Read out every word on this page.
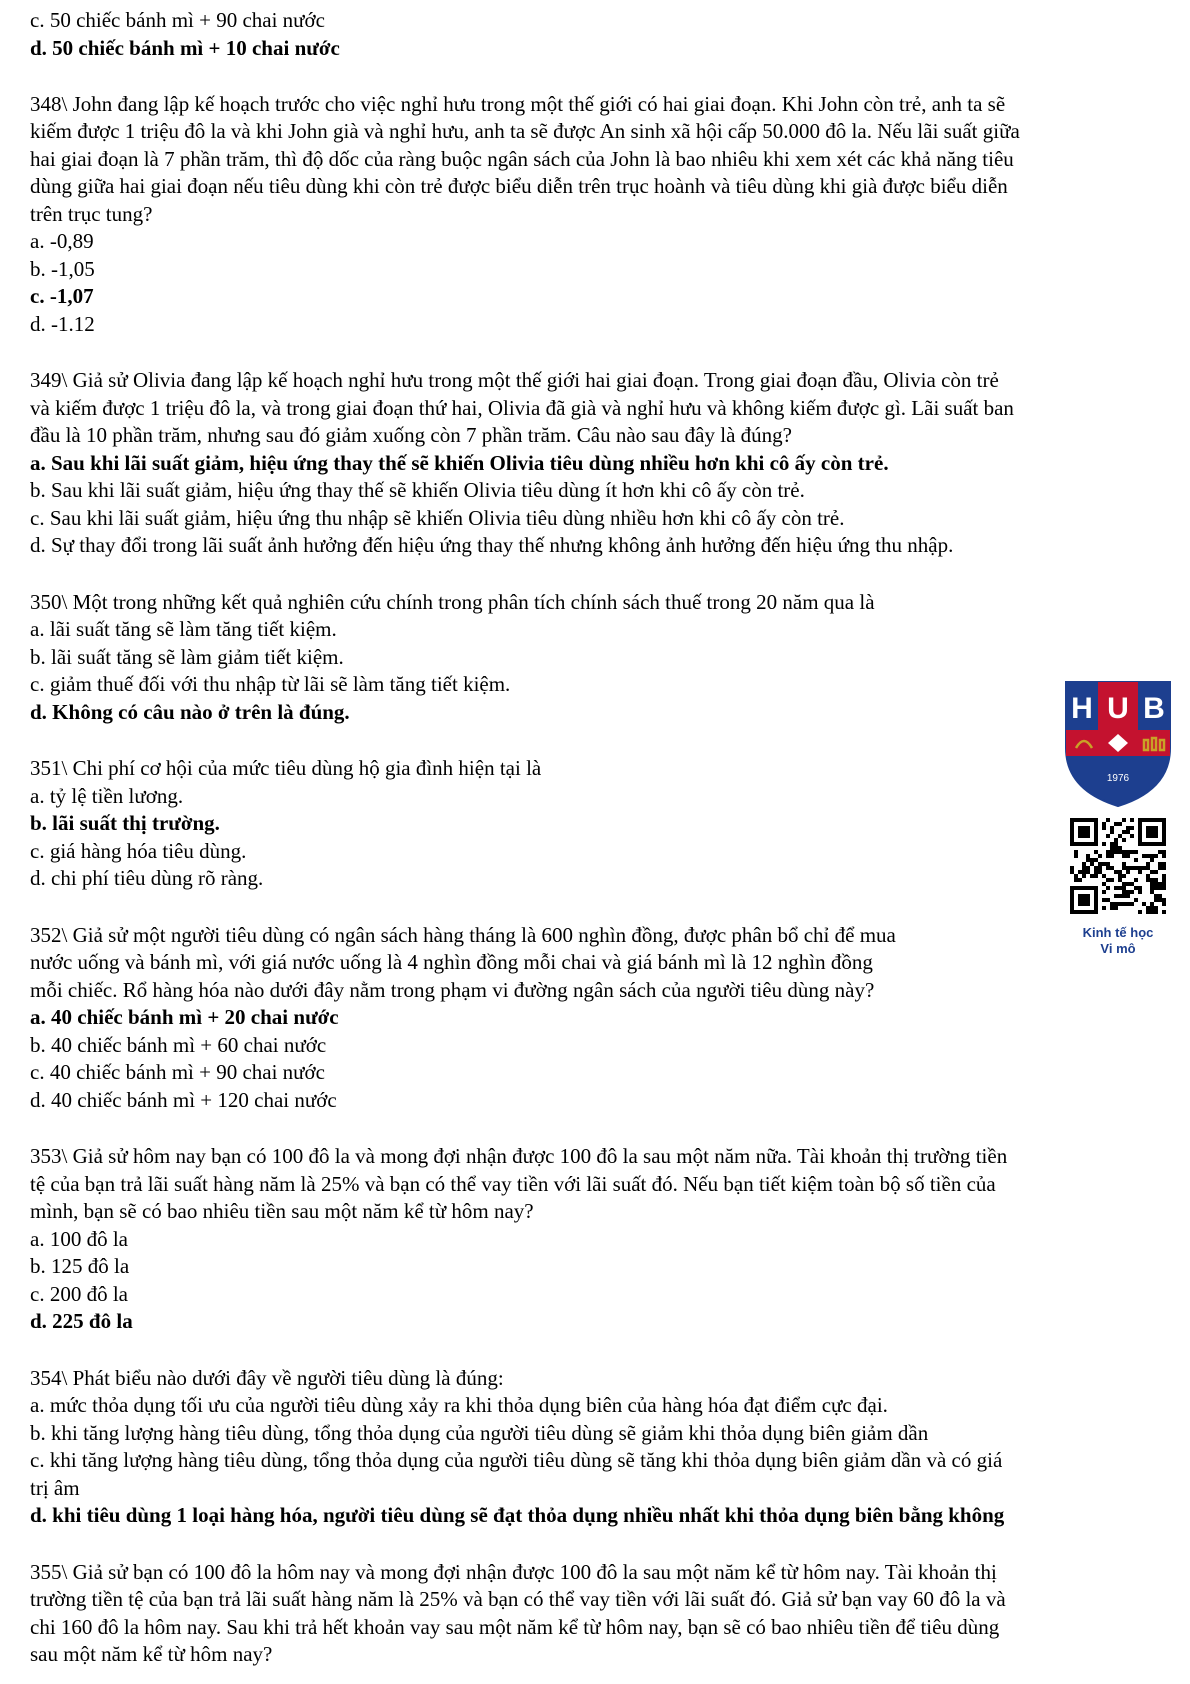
c. 50 chiếc bánh mì + 90 chai nước
d. 50 chiếc bánh mì + 10 chai nước
348\ John đang lập kế hoạch trước cho việc nghỉ hưu trong một thế giới có hai giai đoạn. Khi John còn trẻ, anh ta sẽ
kiếm được 1 triệu đô la và khi John già và nghỉ hưu, anh ta sẽ được An sinh xã hội cấp 50.000 đô la. Nếu lãi suất giữa
hai giai đoạn là 7 phần trăm, thì độ dốc của ràng buộc ngân sách của John là bao nhiêu khi xem xét các khả năng tiêu
dùng giữa hai giai đoạn nếu tiêu dùng khi còn trẻ được biểu diễn trên trục hoành và tiêu dùng khi già được biểu diễn
trên trục tung?
a. -0,89
b. -1,05
c. -1,07
d. -1.12
349\ Giả sử Olivia đang lập kế hoạch nghỉ hưu trong một thế giới hai giai đoạn. Trong giai đoạn đầu, Olivia còn trẻ
và kiếm được 1 triệu đô la, và trong giai đoạn thứ hai, Olivia đã già và nghỉ hưu và không kiếm được gì. Lãi suất ban
đầu là 10 phần trăm, nhưng sau đó giảm xuống còn 7 phần trăm. Câu nào sau đây là đúng?
a. Sau khi lãi suất giảm, hiệu ứng thay thế sẽ khiến Olivia tiêu dùng nhiều hơn khi cô ấy còn trẻ.
b. Sau khi lãi suất giảm, hiệu ứng thay thế sẽ khiến Olivia tiêu dùng ít hơn khi cô ấy còn trẻ.
c. Sau khi lãi suất giảm, hiệu ứng thu nhập sẽ khiến Olivia tiêu dùng nhiều hơn khi cô ấy còn trẻ.
d. Sự thay đổi trong lãi suất ảnh hưởng đến hiệu ứng thay thế nhưng không ảnh hưởng đến hiệu ứng thu nhập.
350\ Một trong những kết quả nghiên cứu chính trong phân tích chính sách thuế trong 20 năm qua là
a. lãi suất tăng sẽ làm tăng tiết kiệm.
b. lãi suất tăng sẽ làm giảm tiết kiệm.
c. giảm thuế đối với thu nhập từ lãi sẽ làm tăng tiết kiệm.
d. Không có câu nào ở trên là đúng.
351\ Chi phí cơ hội của mức tiêu dùng hộ gia đình hiện tại là
a. tỷ lệ tiền lương.
b. lãi suất thị trường.
c. giá hàng hóa tiêu dùng.
d. chi phí tiêu dùng rõ ràng.
352\ Giả sử một người tiêu dùng có ngân sách hàng tháng là 600 nghìn đồng, được phân bổ chỉ để mua
nước uống và bánh mì, với giá nước uống là 4 nghìn đồng mỗi chai và giá bánh mì là 12 nghìn đồng
mỗi chiếc. Rổ hàng hóa nào dưới đây nằm trong phạm vi đường ngân sách của người tiêu dùng này?
a. 40 chiếc bánh mì + 20 chai nước
b. 40 chiếc bánh mì + 60 chai nước
c. 40 chiếc bánh mì + 90 chai nước
d. 40 chiếc bánh mì + 120 chai nước
353\ Giả sử hôm nay bạn có 100 đô la và mong đợi nhận được 100 đô la sau một năm nữa. Tài khoản thị trường tiền
tệ của bạn trả lãi suất hàng năm là 25% và bạn có thể vay tiền với lãi suất đó. Nếu bạn tiết kiệm toàn bộ số tiền của
mình, bạn sẽ có bao nhiêu tiền sau một năm kể từ hôm nay?
a. 100 đô la
b. 125 đô la
c. 200 đô la
d. 225 đô la
354\ Phát biểu nào dưới đây về người tiêu dùng là đúng:
a. mức thỏa dụng tối ưu của người tiêu dùng xảy ra khi thỏa dụng biên của hàng hóa đạt điểm cực đại.
b. khi tăng lượng hàng tiêu dùng, tổng thỏa dụng của người tiêu dùng sẽ giảm khi thỏa dụng biên giảm dần
c. khi tăng lượng hàng tiêu dùng, tổng thỏa dụng của người tiêu dùng sẽ tăng khi thỏa dụng biên giảm dần và có giá
trị âm
d. khi tiêu dùng 1 loại hàng hóa, người tiêu dùng sẽ đạt thỏa dụng nhiều nhất khi thỏa dụng biên bằng không
355\ Giả sử bạn có 100 đô la hôm nay và mong đợi nhận được 100 đô la sau một năm kể từ hôm nay. Tài khoản thị
trường tiền tệ của bạn trả lãi suất hàng năm là 25% và bạn có thể vay tiền với lãi suất đó. Giả sử bạn vay 60 đô la và
chi 160 đô la hôm nay. Sau khi trả hết khoản vay sau một năm kể từ hôm nay, bạn sẽ có bao nhiêu tiền để tiêu dùng
sau một năm kể từ hôm nay?
H U B
1976
Kinh tế học
Vi mô
